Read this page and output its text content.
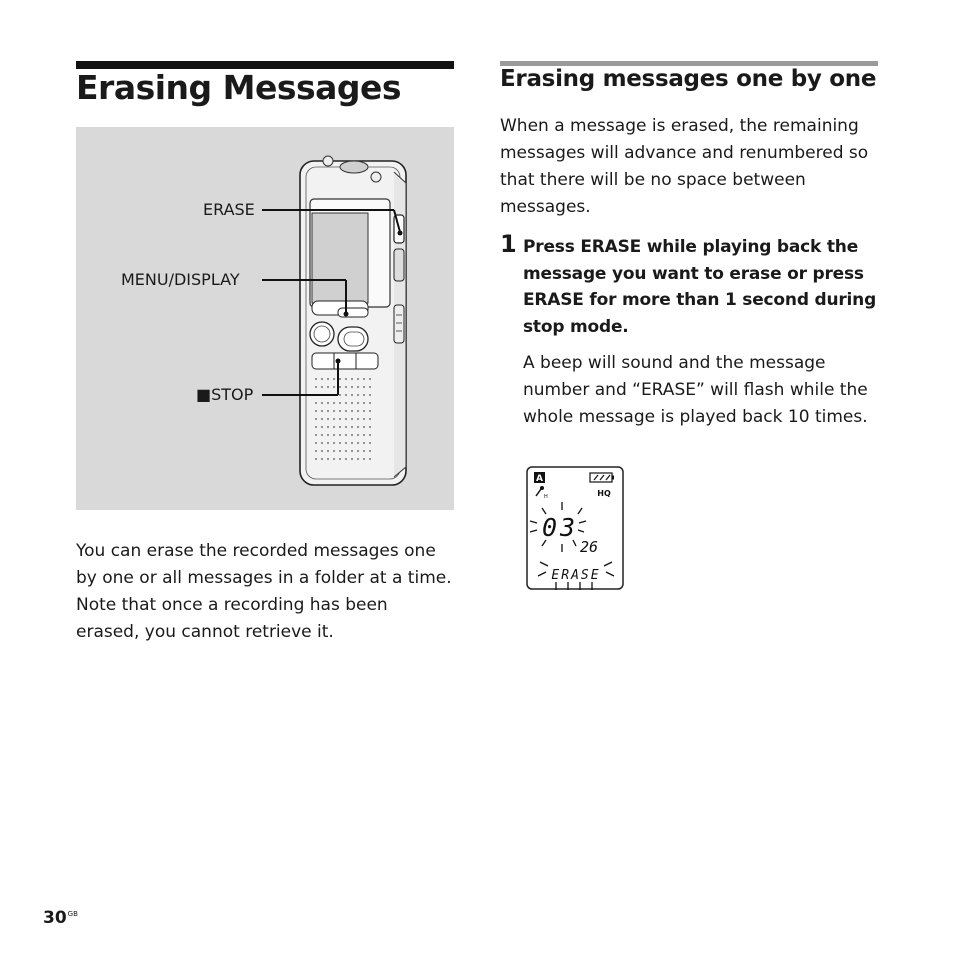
Erasing Messages
ERASE
MENU/DISPLAY
■STOP

You can erase the recorded messages one by one or all messages in a folder at a time.

Note that once a recording has been erased, you cannot retrieve it.

Erasing messages one by one

When a message is erased, the remaining messages will advance and renumbered so that there will be no space between messages.

1 Press ERASE while playing back the message you want to erase or press ERASE for more than 1 second during stop mode.

A beep will sound and the message number and “ERASE” will flash while the whole message is played back 10 times.

A
HQ
H
03
26
ERASE
$30^{GB}$
